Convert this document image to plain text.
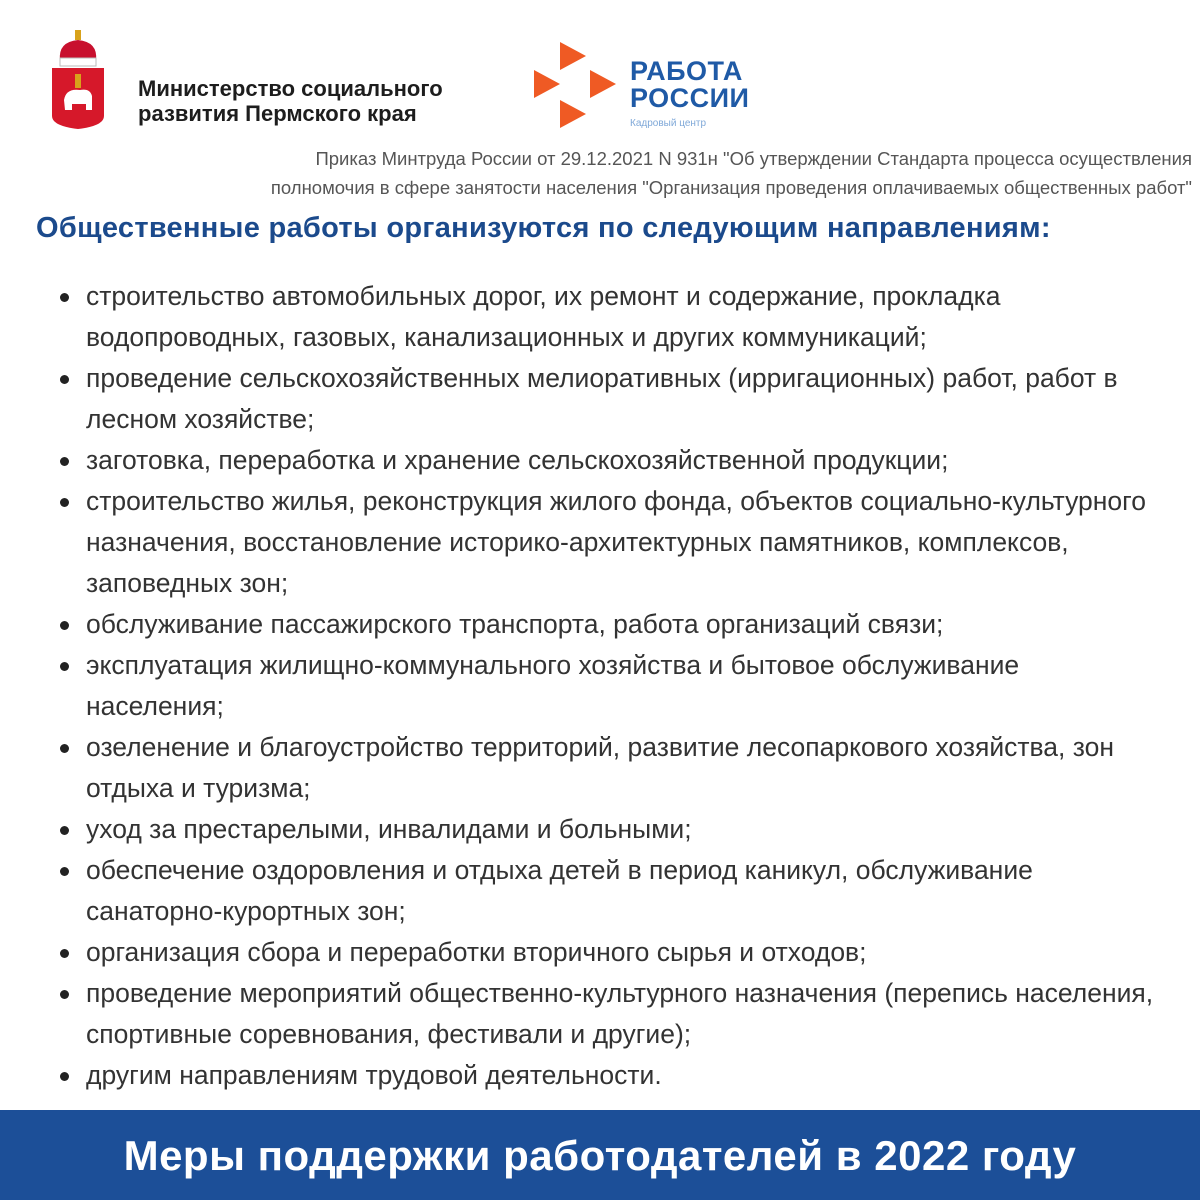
Министерство социального
развития Пермского края
РАБОТА
РОССИИ
Кадровый центр
Приказ Минтруда России от 29.12.2021 N 931н "Об утверждении Стандарта процесса осуществления
полномочия в сфере занятости населения "Организация проведения оплачиваемых общественных работ"
Общественные работы организуются по следующим направлениям:
строительство автомобильных дорог, их ремонт и содержание, прокладка водопроводных, газовых, канализационных и других коммуникаций;
проведение сельскохозяйственных мелиоративных (ирригационных) работ, работ в лесном хозяйстве;
заготовка, переработка и хранение сельскохозяйственной продукции;
строительство жилья, реконструкция жилого фонда, объектов социально-культурного назначения, восстановление историко-архитектурных памятников, комплексов, заповедных зон;
обслуживание пассажирского транспорта, работа организаций связи;
эксплуатация жилищно-коммунального хозяйства и бытовое обслуживание населения;
озеленение и благоустройство территорий, развитие лесопаркового хозяйства, зон отдыха и туризма;
уход за престарелыми, инвалидами и больными;
обеспечение оздоровления и отдыха детей в период каникул, обслуживание санаторно-курортных зон;
организация сбора и переработки вторичного сырья и отходов;
проведение мероприятий общественно-культурного назначения (перепись населения, спортивные соревнования, фестивали и другие);
другим направлениям трудовой деятельности.
Меры поддержки работодателей в 2022 году
